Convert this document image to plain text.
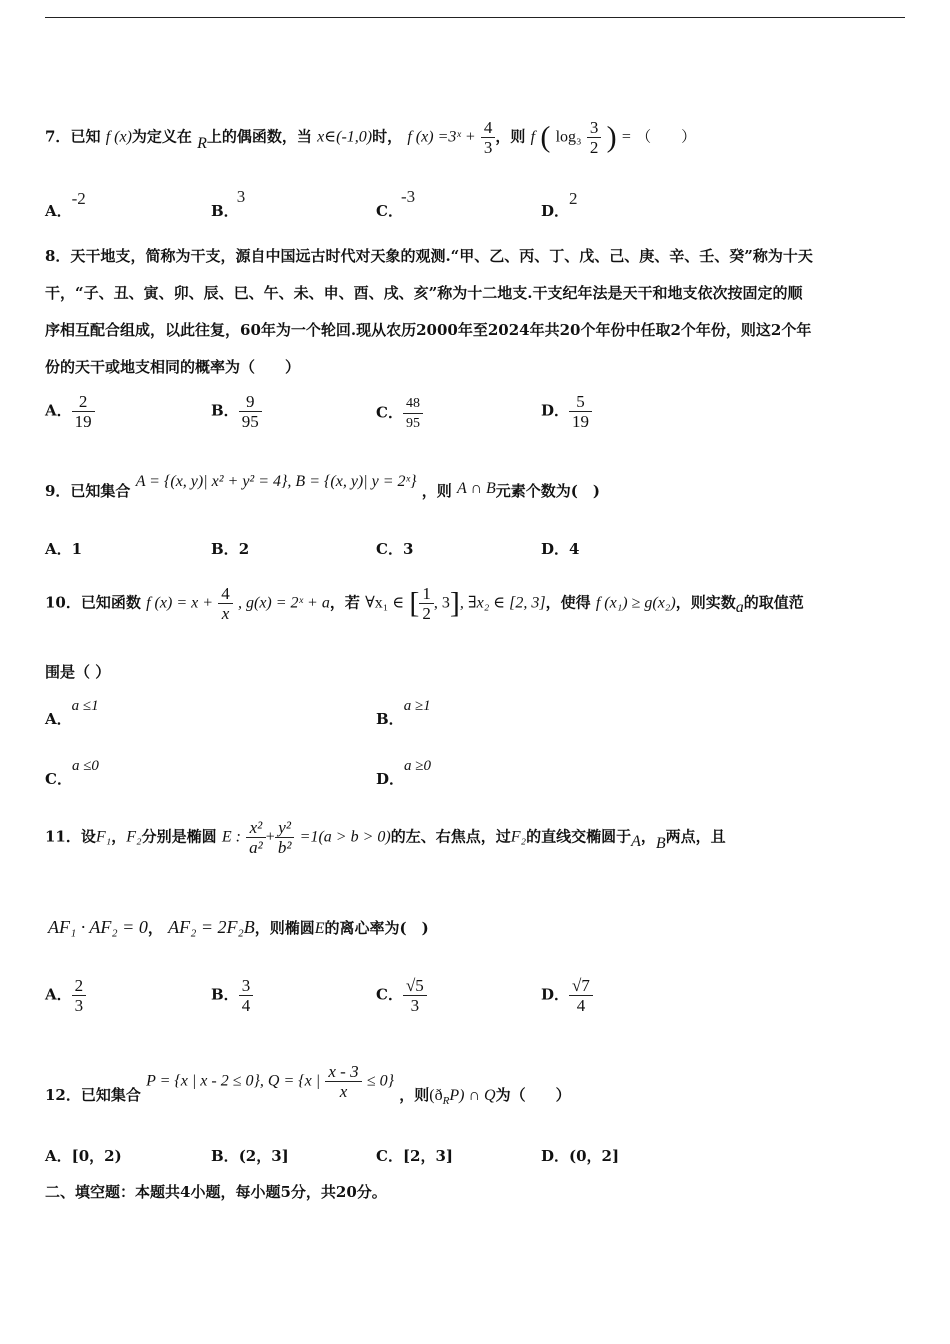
7．已知 f (x)为定义在 R上的偶函数，当 x∈(-1,0)时， f (x) =3ˣ + $\frac{4}{3}$ ，则 f ( $\log_3 \frac{3}{2}$ ) = （　　）
A．-2
B．3
C．-3
D．2
8．天干地支，简称为干支，源自中国远古时代对天象的观测.“甲、乙、丙、丁、戊、己、庚、辛、壬、癸”称为十天
干，“子、丑、寅、卯、辰、巳、午、未、申、酉、戌、亥”称为十二地支.干支纪年法是天干和地支依次按固定的顺
序相互配合组成，以此往复，60年为一个轮回.现从农历2000年至2024年共20个年份中任取2个年份，则这2个年
份的天干或地支相同的概率为（　　）
A． $\frac{2}{19}$	B． $\frac{9}{95}$	C． $\frac{48}{95}$	D． $\frac{5}{19}$
9．已知集合 A = {(x, y)| x² + y² = 4}, B = {(x, y)| y = 2ˣ} ，则 A ∩ B元素个数为(　)
A．1	B．2	C．3	D．4
10．已知函数 f $(x) = x + \frac{4}{x}$ , g(x) = 2ˣ + a，若 ∀x₁ ∈ [ $\frac{1}{2}$ , 3], ∃x₂ ∈ [2, 3]，使得 f (x₁) ≥ g(x₂)，则实数a的取值范
围是（ ）
A．a ≤1
B．a ≥1
C．a ≤0
D．a ≥0
11．设F₁，F₂分别是椭圆 E : $\frac{\text{x²}}{\text{a²}} + \frac{\text{y²}}{\text{b²}} =1(a > b > 0)$的左、右焦点，过F₂的直线交椭圆于A，B两点，且
AF₁ · AF₂ = 0， AF₂ = 2F₂B，则椭圆E的离心率为(　)
A． $\frac{2}{3}$	B． $\frac{3}{4}$	C． $\frac{√5}{3}$	D． $\frac{√7}{4}$
12．已知集合 P = {x | x - 2 ≤ 0}, Q = {x | $\frac{x - 3}{x} \le 0$} ，则$(ð_RP)$ ∩ Q为（　　）
A．[0，2)	B．(2，3]	C．[2，3]	D．(0，2]
二、填空题：本题共4小题，每小题5分，共20分。
